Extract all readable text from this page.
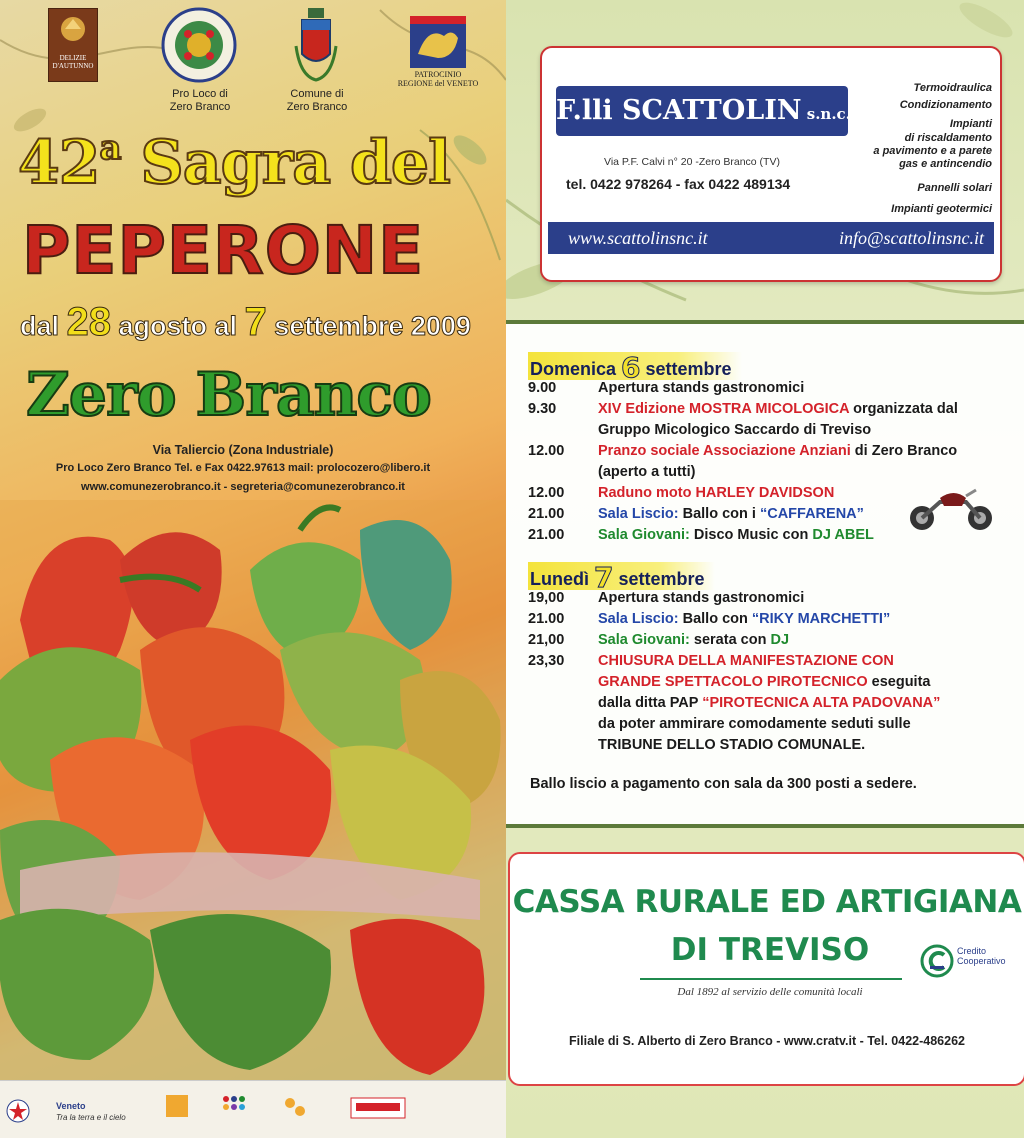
DELIZIE D'AUTUNNO
Pro Loco di
Zero Branco
Comune di
Zero Branco
PATROCINIO
REGIONE del VENETO
42$^a$ Sagra del
PEPERONE
dal 28 agosto al 7 settembre 2009
Zero Branco
Via Taliercio (Zona Industriale)
Pro Loco Zero Branco Tel. e Fax 0422.97613 mail: prolocozero@libero.it
www.comunezerobranco.it - segreteria@comunezerobranco.it
Veneto
Tra la terra e il cielo
F.lli SCATTOLIN s.n.c.
Via P.F. Calvi n° 20 -Zero Branco (TV)
tel. 0422 978264 - fax 0422 489134
Termoidraulica
Condizionamento
Impianti
di riscaldamento
a pavimento e a parete
gas e antincendio
Pannelli solari
Impianti geotermici
www.scattolinsnc.it	info@scattolinsnc.it
Domenica 6 settembre
9.00	Apertura stands gastronomici
9.30	XIV Edizione MOSTRA MICOLOGICA organizzata dal
Gruppo Micologico Saccardo di Treviso
12.00	Pranzo sociale Associazione Anziani di Zero Branco
(aperto a tutti)
12.00	Raduno moto HARLEY DAVIDSON
21.00	Sala Liscio: Ballo con i “CAFFARENA”
21.00	Sala Giovani: Disco Music con DJ ABEL
Lunedì 7 settembre
19,00	Apertura stands gastronomici
21.00	Sala Liscio: Ballo con “RIKY MARCHETTI”
21,00	Sala Giovani: serata con DJ
23,30	CHIUSURA DELLA MANIFESTAZIONE CON
GRANDE SPETTACOLO PIROTECNICO eseguita
dalla ditta PAP “PIROTECNICA ALTA PADOVANA”
da poter ammirare comodamente seduti sulle
TRIBUNE DELLO STADIO COMUNALE.
Ballo liscio a pagamento con sala da 300 posti a sedere.
CASSA RURALE ED ARTIGIANA
DI TREVISO
Dal 1892 al servizio delle comunità locali
Credito
Cooperativo
Filiale di S. Alberto di Zero Branco - www.cratv.it - Tel. 0422-486262
